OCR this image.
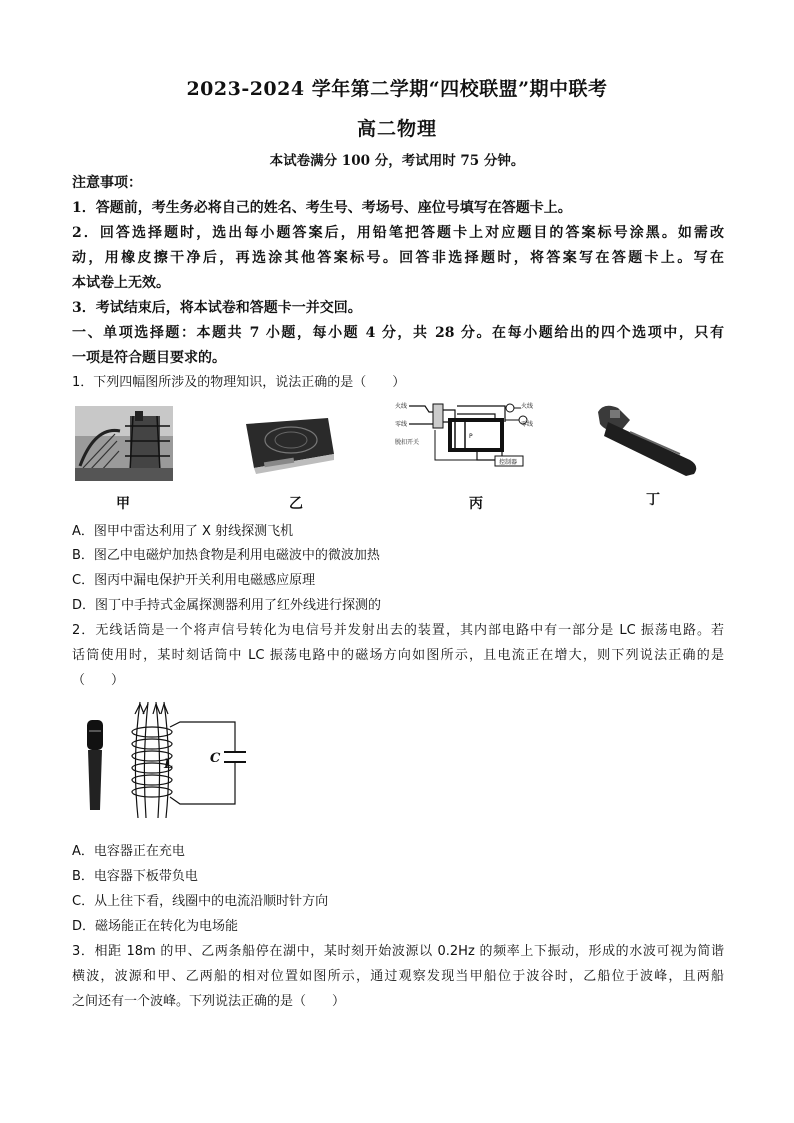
2023-2024 学年第二学期“四校联盟”期中联考
高二物理
本试卷满分 100 分，考试用时 75 分钟。
注意事项：
1．答题前，考生务必将自己的姓名、考生号、考场号、座位号填写在答题卡上。
2．回答选择题时，选出每小题答案后，用铅笔把答题卡上对应题目的答案标号涂黑。如需改
动，用橡皮擦干净后，再选涂其他答案标号。回答非选择题时，将答案写在答题卡上。写在
本试卷上无效。
3．考试结束后，将本试卷和答题卡一并交回。
一、单项选择题：本题共 7 小题，每小题 4 分，共 28 分。在每小题给出的四个选项中，只有
一项是符合题目要求的。
1．下列四幅图所涉及的物理知识，说法正确的是（　　）
甲	乙
火线
零线
脱扣开关
火线
零线
控制器
P
丙	丁
A．图甲中雷达利用了 X 射线探测飞机
B．图乙中电磁炉加热食物是利用电磁波中的微波加热
C．图丙中漏电保护开关利用电磁感应原理
D．图丁中手持式金属探测器利用了红外线进行探测的
2．无线话筒是一个将声信号转化为电信号并发射出去的装置，其内部电路中有一部分是 LC 振荡电路。若
话筒使用时，某时刻话筒中 LC 振荡电路中的磁场方向如图所示，且电流正在增大，则下列说法正确的是
（　　）
L	C
A．电容器正在充电
B．电容器下板带负电
C．从上往下看，线圈中的电流沿顺时针方向
D．磁场能正在转化为电场能
3．相距 18m 的甲、乙两条船停在湖中，某时刻开始波源以 0.2Hz 的频率上下振动，形成的水波可视为简谐
横波，波源和甲、乙两船的相对位置如图所示，通过观察发现当甲船位于波谷时，乙船位于波峰，且两船
之间还有一个波峰。下列说法正确的是（　　）
